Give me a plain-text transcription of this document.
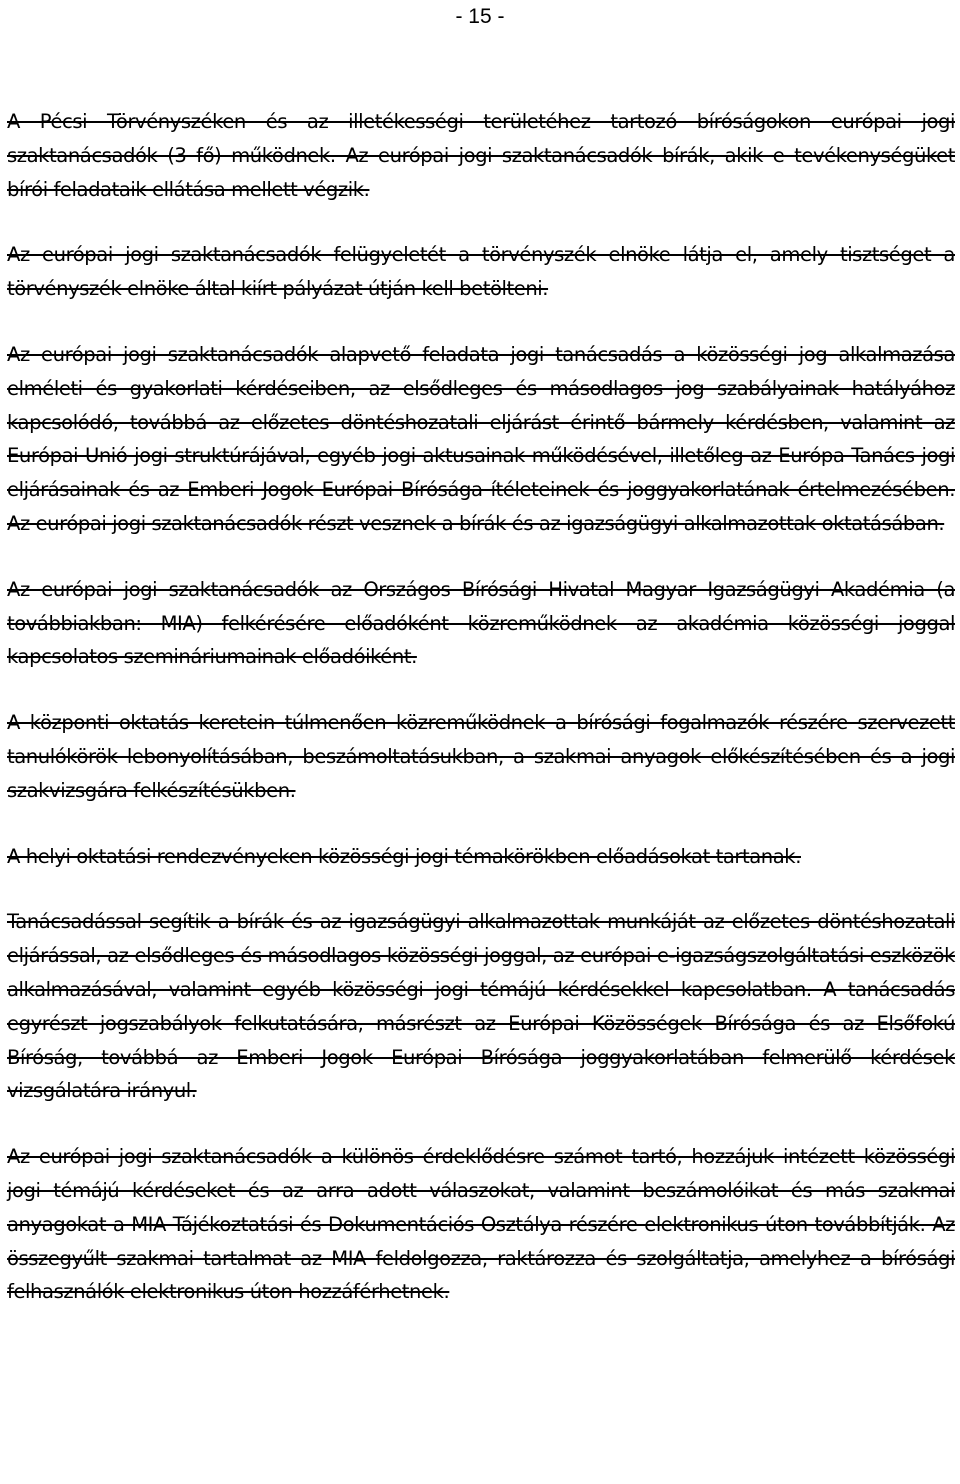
- 15 -

A Pécsi Törvényszéken és az illetékességi területéhez tartozó bíróságokon európai jogi szaktanácsadók (3 fő) működnek. Az európai jogi szaktanácsadók bírák, akik e tevékenységüket bírói feladataik ellátása mellett végzik.

Az európai jogi szaktanácsadók felügyeletét a törvényszék elnöke látja el, amely tisztséget a törvényszék elnöke által kiírt pályázat útján kell betölteni.

Az európai jogi szaktanácsadók alapvető feladata jogi tanácsadás a közösségi jog alkalmazása elméleti és gyakorlati kérdéseiben, az elsődleges és másodlagos jog szabályainak hatályához kapcsolódó, továbbá az előzetes döntéshozatali eljárást érintő bármely kérdésben, valamint az Európai Unió jogi struktúrájával, egyéb jogi aktusainak működésével, illetőleg az Európa Tanács jogi eljárásainak és az Emberi Jogok Európai Bírósága ítéleteinek és joggyakorlatának értelmezésében. Az európai jogi szaktanácsadók részt vesznek a bírák és az igazságügyi alkalmazottak oktatásában.

Az európai jogi szaktanácsadók az Országos Bírósági Hivatal Magyar Igazságügyi Akadémia (a továbbiakban: MIA) felkérésére előadóként közreműködnek az akadémia közösségi joggal kapcsolatos szemináriumainak előadóiként.

A központi oktatás keretein túlmenően közreműködnek a bírósági fogalmazók részére szervezett tanulókörök lebonyolításában, beszámoltatásukban, a szakmai anyagok előkészítésében és a jogi szakvizsgára felkészítésükben.

A helyi oktatási rendezvényeken közösségi jogi témakörökben előadásokat tartanak.

Tanácsadással segítik a bírák és az igazságügyi alkalmazottak munkáját az előzetes döntéshozatali eljárással, az elsődleges és másodlagos közösségi joggal, az európai e-igazságszolgáltatási eszközök alkalmazásával, valamint egyéb közösségi jogi témájú kérdésekkel kapcsolatban. A tanácsadás egyrészt jogszabályok felkutatására, másrészt az Európai Közösségek Bírósága és az Elsőfokú Bíróság, továbbá az Emberi Jogok Európai Bírósága joggyakorlatában felmerülő kérdések vizsgálatára irányul.

Az európai jogi szaktanácsadók a különös érdeklődésre számot tartó, hozzájuk intézett közösségi jogi témájú kérdéseket és az arra adott válaszokat, valamint beszámolóikat és más szakmai anyagokat a MIA Tájékoztatási és Dokumentációs Osztálya részére elektronikus úton továbbítják. Az összegyűlt szakmai tartalmat az MIA feldolgozza, raktározza és szolgáltatja, amelyhez a bírósági felhasználók elektronikus úton hozzáférhetnek.
